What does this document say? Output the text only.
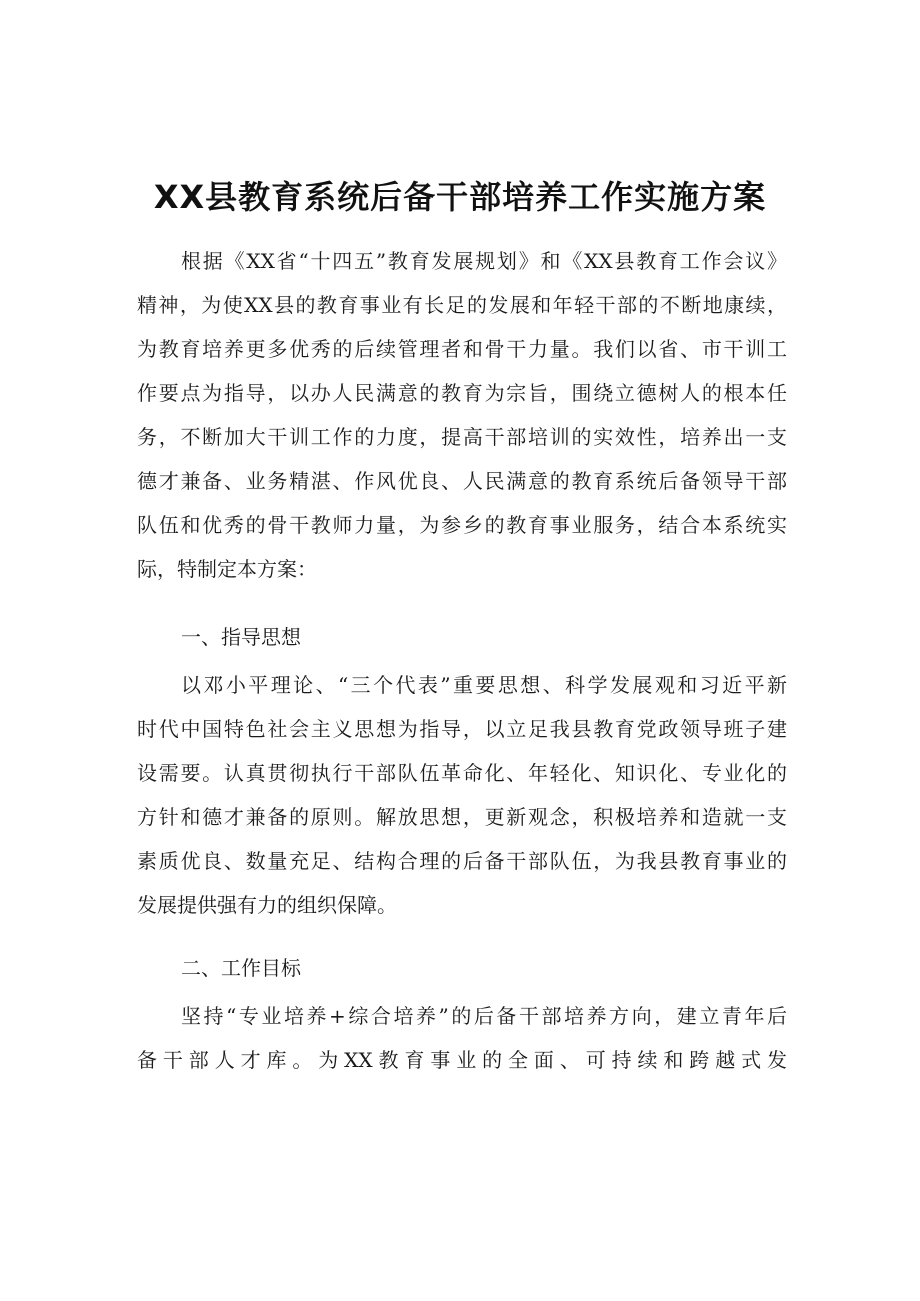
XX县教育系统后备干部培养工作实施方案
根据《XX省“十四五”教育发展规划》和《XX县教育工作会议》
精神，为使XX县的教育事业有长足的发展和年轻干部的不断地康续，
为教育培养更多优秀的后续管理者和骨干力量。我们以省、市干训工
作要点为指导，以办人民满意的教育为宗旨，围绕立德树人的根本任
务，不断加大干训工作的力度，提高干部培训的实效性，培养出一支
德才兼备、业务精湛、作风优良、人民满意的教育系统后备领导干部
队伍和优秀的骨干教师力量，为参乡的教育事业服务，结合本系统实
际，特制定本方案：
一、指导思想
以邓小平理论、“三个代表”重要思想、科学发展观和习近平新
时代中国特色社会主义思想为指导，以立足我县教育党政领导班子建
设需要。认真贯彻执行干部队伍革命化、年轻化、知识化、专业化的
方针和德才兼备的原则。解放思想，更新观念，积极培养和造就一支
素质优良、数量充足、结构合理的后备干部队伍，为我县教育事业的
发展提供强有力的组织保障。
二、工作目标
坚持“专业培养+综合培养”的后备干部培养方向，建立青年后
备干部人才库。为XX教育事业的全面、可持续和跨越式发
